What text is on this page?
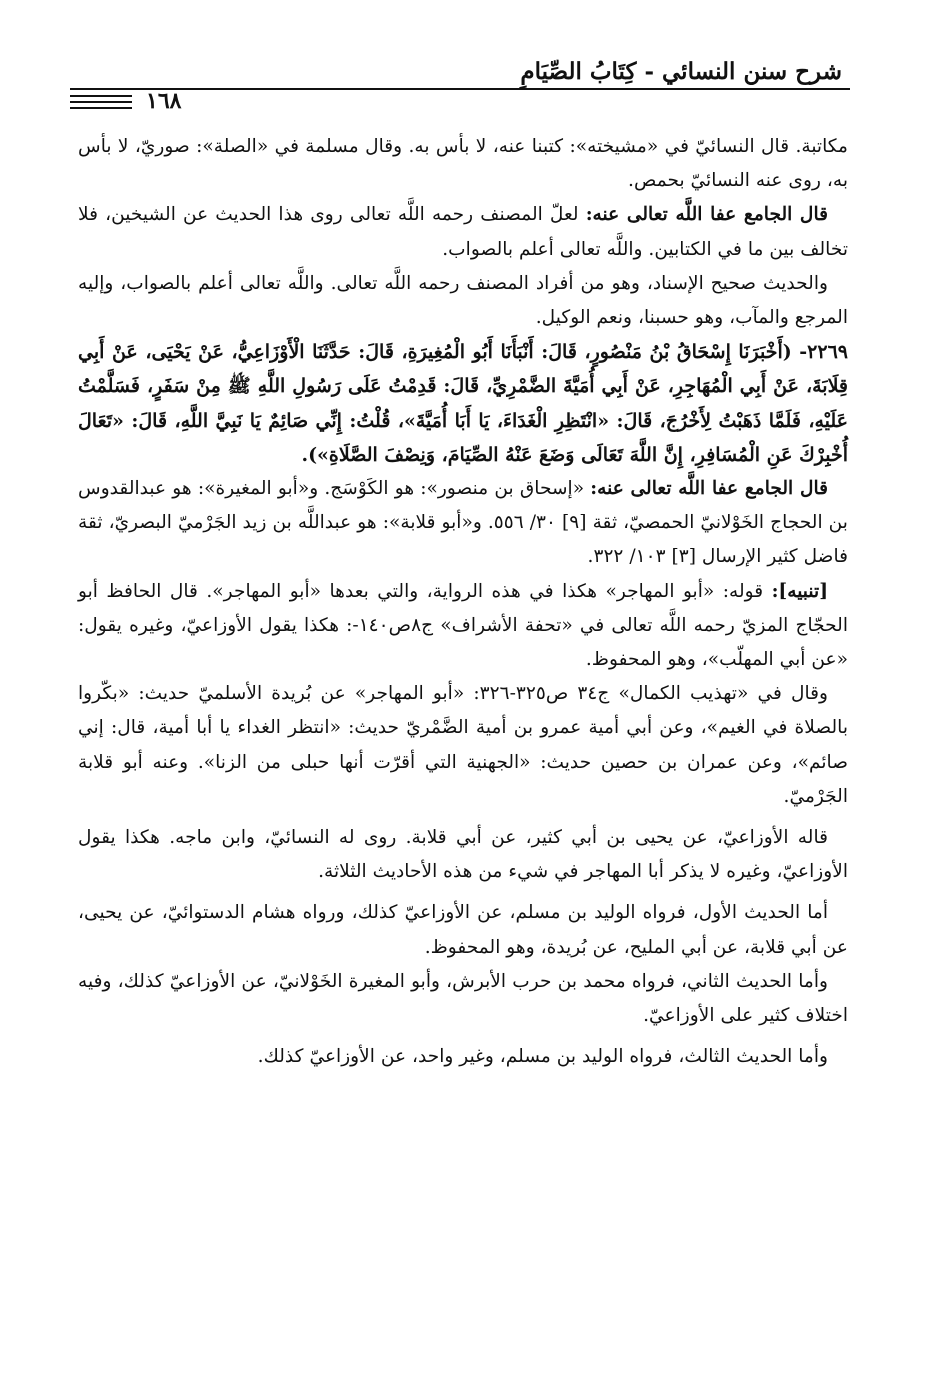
شرح سنن النسائي - كِتَابُ الصِّيَامِ
١٦٨

مكاتبة. قال النسائيّ في «مشيخته»: كتبنا عنه، لا بأس به. وقال مسلمة في «الصلة»: صوريّ، لا بأس به، روى عنه النسائيّ بحمص.

قال الجامع عفا اللَّه تعالى عنه: لعلّ المصنف رحمه اللَّه تعالى روى هذا الحديث عن الشيخين، فلا تخالف بين ما في الكتابين. واللَّه تعالى أعلم بالصواب.

والحديث صحيح الإسناد، وهو من أفراد المصنف رحمه اللَّه تعالى. واللَّه تعالى أعلم بالصواب، وإليه المرجع والمآب، وهو حسبنا، ونعم الوكيل.

٢٢٦٩- (أَخْبَرَنَا إِسْحَاقُ بْنُ مَنْصُورٍ، قَالَ: أَنْبَأَنَا أَبُو الْمُغِيرَةِ، قَالَ: حَدَّثَنَا الْأَوْزَاعِيُّ، عَنْ يَحْيَى، عَنْ أَبِي قِلَابَةَ، عَنْ أَبِي الْمُهَاجِرِ، عَنْ أَبِي أُمَيَّةَ الضَّمْرِيِّ، قَالَ: قَدِمْتُ عَلَى رَسُولِ اللَّهِ ﷺ مِنْ سَفَرٍ، فَسَلَّمْتُ عَلَيْهِ، فَلَمَّا ذَهَبْتُ لِأَخْرُجَ، قَالَ: «انْتَظِرِ الْغَدَاءَ، يَا أَبَا أُمَيَّةَ»، قُلْتُ: إِنِّي صَائِمٌ يَا نَبِيَّ اللَّهِ، قَالَ: «تَعَالَ أُخْبِرْكَ عَنِ الْمُسَافِرِ، إِنَّ اللَّهَ تَعَالَى وَضَعَ عَنْهُ الصِّيَامَ، وَنِصْفَ الصَّلَاةِ»).

قال الجامع عفا اللَّه تعالى عنه: «إسحاق بن منصور»: هو الكَوْسَج. و«أبو المغيرة»: هو عبدالقدوس بن الحجاج الخَوْلانيّ الحمصيّ، ثقة [٩] ٣٠/ ٥٥٦. و«أبو قلابة»: هو عبداللَّه بن زيد الجَرْميّ البصريّ، ثقة فاضل كثير الإرسال [٣] ١٠٣/ ٣٢٢.

[تنبيه]: قوله: «أبو المهاجر» هكذا في هذه الرواية، والتي بعدها «أبو المهاجر». قال الحافظ أبو الحجّاج المزيّ رحمه اللَّه تعالى في «تحفة الأشراف» ج٨ص١٤٠-: هكذا يقول الأوزاعيّ، وغيره يقول: «عن أبي المهلّب»، وهو المحفوظ.

وقال في «تهذيب الكمال» ج٣٤ ص٣٢٥-٣٢٦: «أبو المهاجر» عن بُريدة الأسلميّ حديث: «بكّروا بالصلاة في الغيم»، وعن أبي أمية عمرو بن أمية الضَّمْريّ حديث: «انتظر الغداء يا أبا أمية، قال: إني صائم»، وعن عمران بن حصين حديث: «الجهنية التي أقرّت أنها حبلى من الزنا». وعنه أبو قلابة الجَرْميّ.

قاله الأوزاعيّ، عن يحيى بن أبي كثير، عن أبي قلابة. روى له النسائيّ، وابن ماجه. هكذا يقول الأوزاعيّ، وغيره لا يذكر أبا المهاجر في شيء من هذه الأحاديث الثلاثة.

أما الحديث الأول، فرواه الوليد بن مسلم، عن الأوزاعيّ كذلك، ورواه هشام الدستوائيّ، عن يحيى، عن أبي قلابة، عن أبي المليح، عن بُريدة، وهو المحفوظ.

وأما الحديث الثاني، فرواه محمد بن حرب الأبرش، وأبو المغيرة الخَوْلانيّ، عن الأوزاعيّ كذلك، وفيه اختلاف كثير على الأوزاعيّ.

وأما الحديث الثالث، فرواه الوليد بن مسلم، وغير واحد، عن الأوزاعيّ كذلك.
